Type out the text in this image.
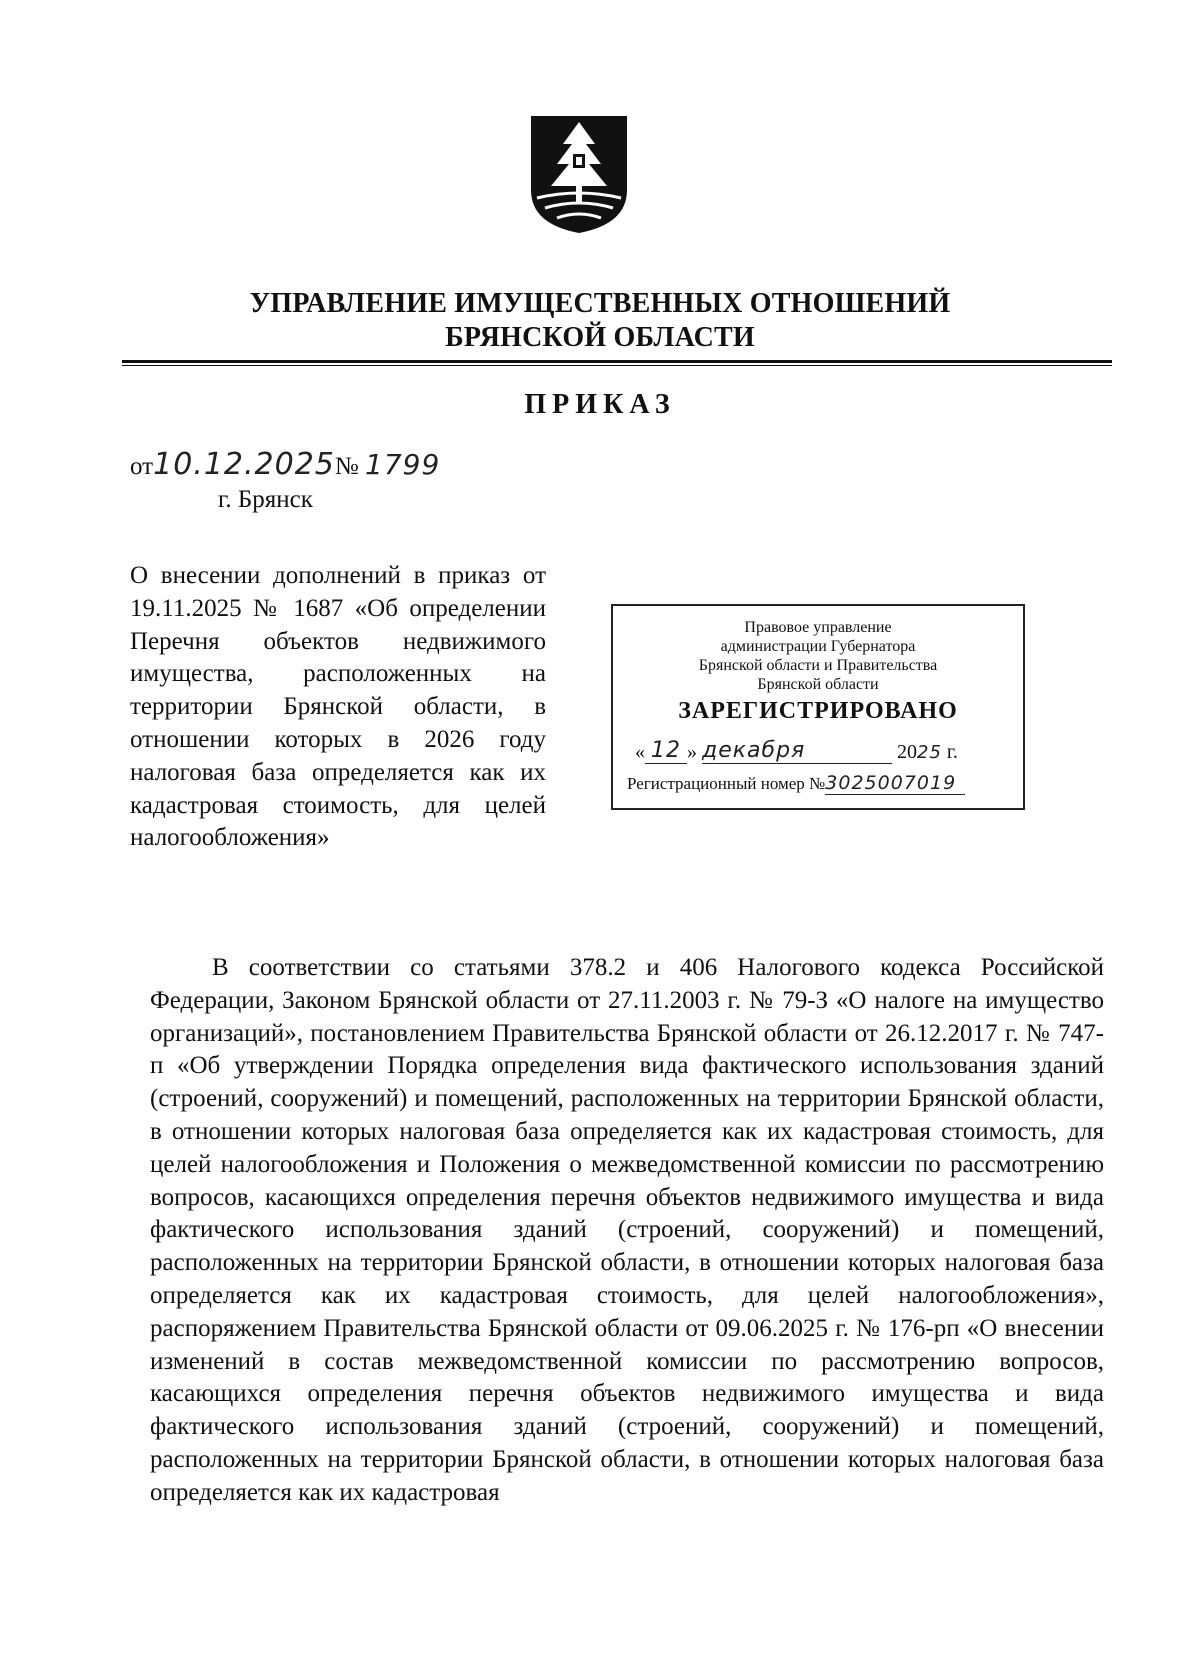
УПРАВЛЕНИЕ ИМУЩЕСТВЕННЫХ ОТНОШЕНИЙ
БРЯНСКОЙ ОБЛАСТИ
ПРИКАЗ
от10.12.2025№ 1799
г. Брянск
О внесении дополнений в приказ от 19.11.2025 № 1687 «Об определении Перечня объектов недвижимого имущества, расположенных на территории Брянской области, в отношении которых в 2026 году налоговая база определяется как их кадастровая стоимость, для целей налогообложения»
Правовое управление
администрации Губернатора
Брянской области и Правительства
Брянской области
ЗАРЕГИСТРИРОВАНО
« 12 » декабря	2025 г.
Регистрационный номер №3025007019

В соответствии со статьями 378.2 и 406 Налогового кодекса Российской Федерации, Законом Брянской области от 27.11.2003 г. № 79-З «О налоге на имущество организаций», постановлением Правительства Брянской области от 26.12.2017 г. № 747-п «Об утверждении Порядка определения вида фактического использования зданий (строений, сооружений) и помещений, расположенных на территории Брянской области, в отношении которых налоговая база определяется как их кадастровая стоимость, для целей налогообложения и Положения о межведомственной комиссии по рассмотрению вопросов, касающихся определения перечня объектов недвижимого имущества и вида фактического использования зданий (строений, сооружений) и помещений, расположенных на территории Брянской области, в отношении которых налоговая база определяется как их кадастровая стоимость, для целей налогообложения», распоряжением Правительства Брянской области от 09.06.2025 г. № 176-рп «О внесении изменений в состав межведомственной комиссии по рассмотрению вопросов, касающихся определения перечня объектов недвижимого имущества и вида фактического использования зданий (строений, сооружений) и помещений, расположенных на территории Брянской области, в отношении которых налоговая база определяется как их кадастровая
